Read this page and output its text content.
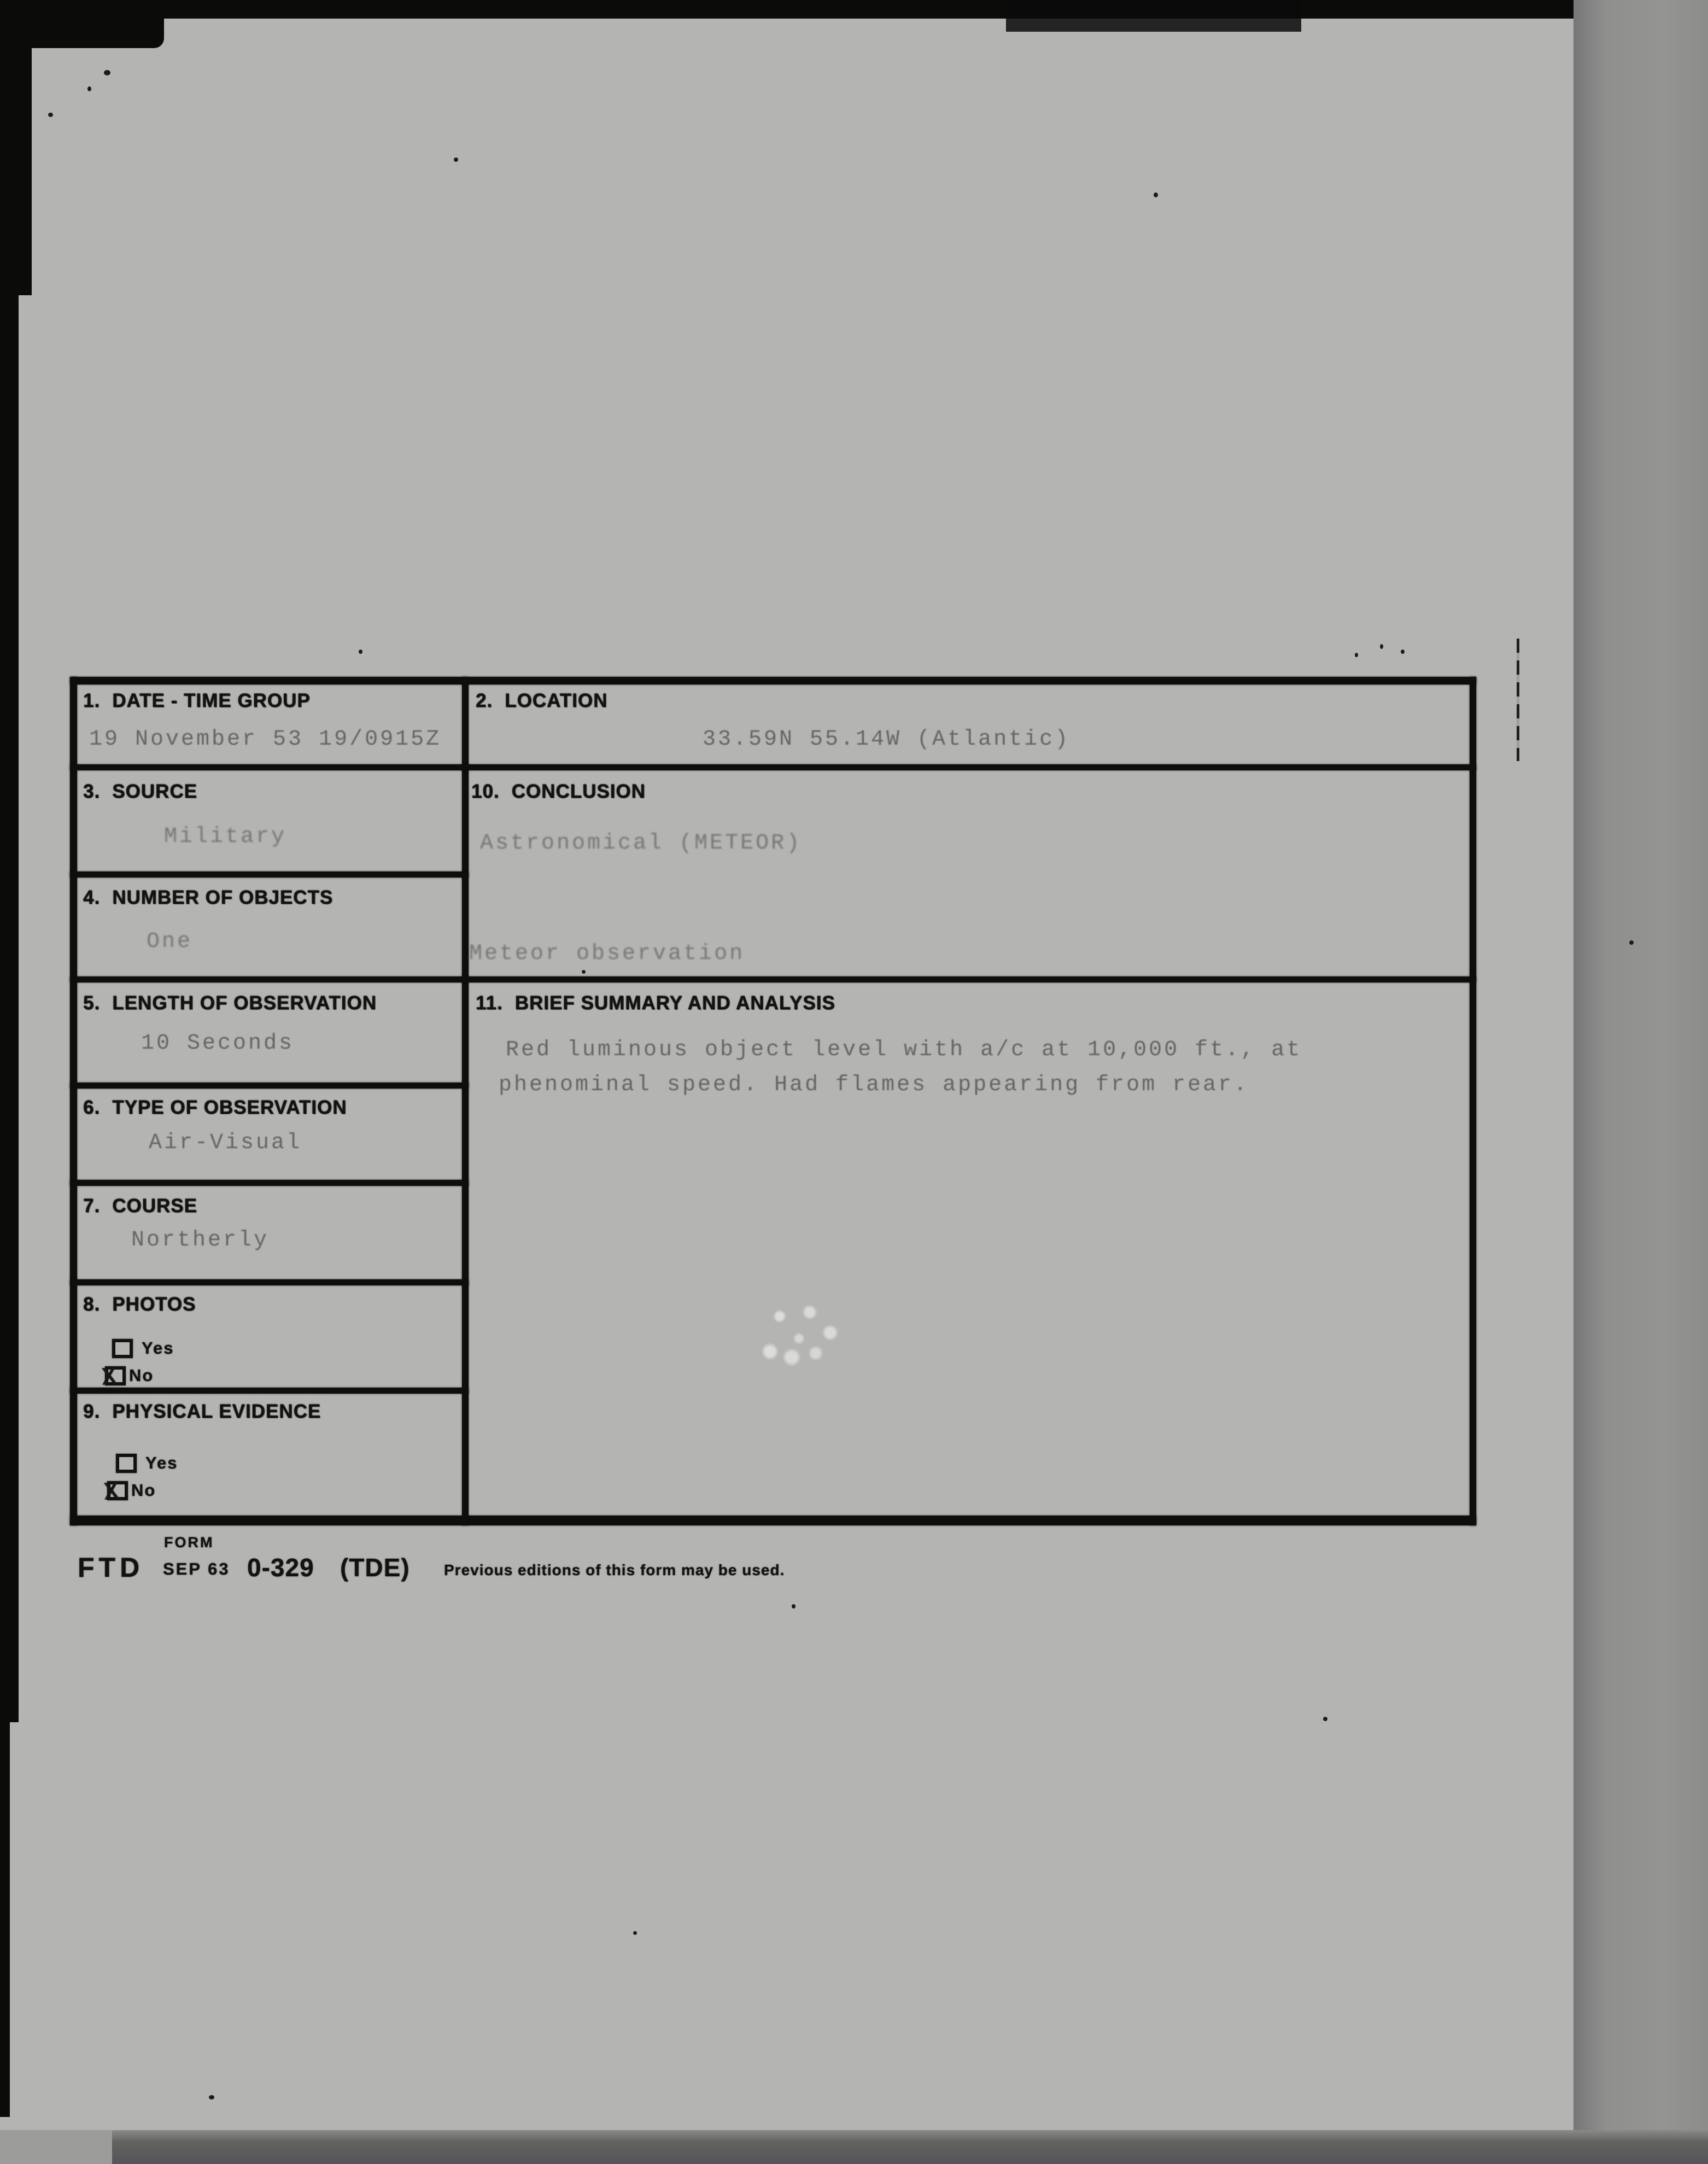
1. DATE - TIME GROUP
19 November 53 19/0915Z
2. LOCATION
33.59N 55.14W (Atlantic)
3. SOURCE
Military
4. NUMBER OF OBJECTS
One
5. LENGTH OF OBSERVATION
10 Seconds
6. TYPE OF OBSERVATION
Air-Visual
7. COURSE
Northerly
8. PHOTOS
Yes
X No
9. PHYSICAL EVIDENCE
Yes
X No
10. CONCLUSION
Astronomical (METEOR)
Meteor observation
11. BRIEF SUMMARY AND ANALYSIS
Red luminous object level with a/c at 10,000 ft., at
phenominal speed. Had flames appearing from rear.
FORM
FTD SEP 63 0-329 (TDE) Previous editions of this form may be used.
